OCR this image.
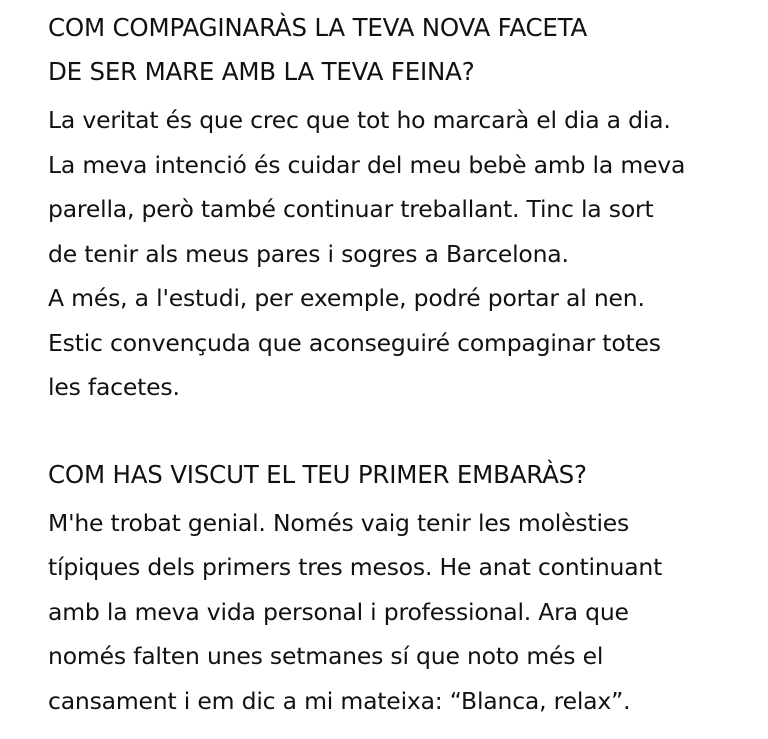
COM COMPAGINARÀS LA TEVA NOVA FACETA
DE SER MARE AMB LA TEVA FEINA?

La veritat és que crec que tot ho marcarà el dia a dia.
La meva intenció és cuidar del meu bebè amb la meva
parella, però també continuar treballant. Tinc la sort
de tenir als meus pares i sogres a Barcelona.
A més, a l'estudi, per exemple, podré portar al nen.
Estic convençuda que aconseguiré compaginar totes
les facetes.

COM HAS VISCUT EL TEU PRIMER EMBARÀS?

M'he trobat genial. Només vaig tenir les molèsties
típiques dels primers tres mesos. He anat continuant
amb la meva vida personal i professional. Ara que
només falten unes setmanes sí que noto més el
cansament i em dic a mi mateixa: “Blanca, relax”.
